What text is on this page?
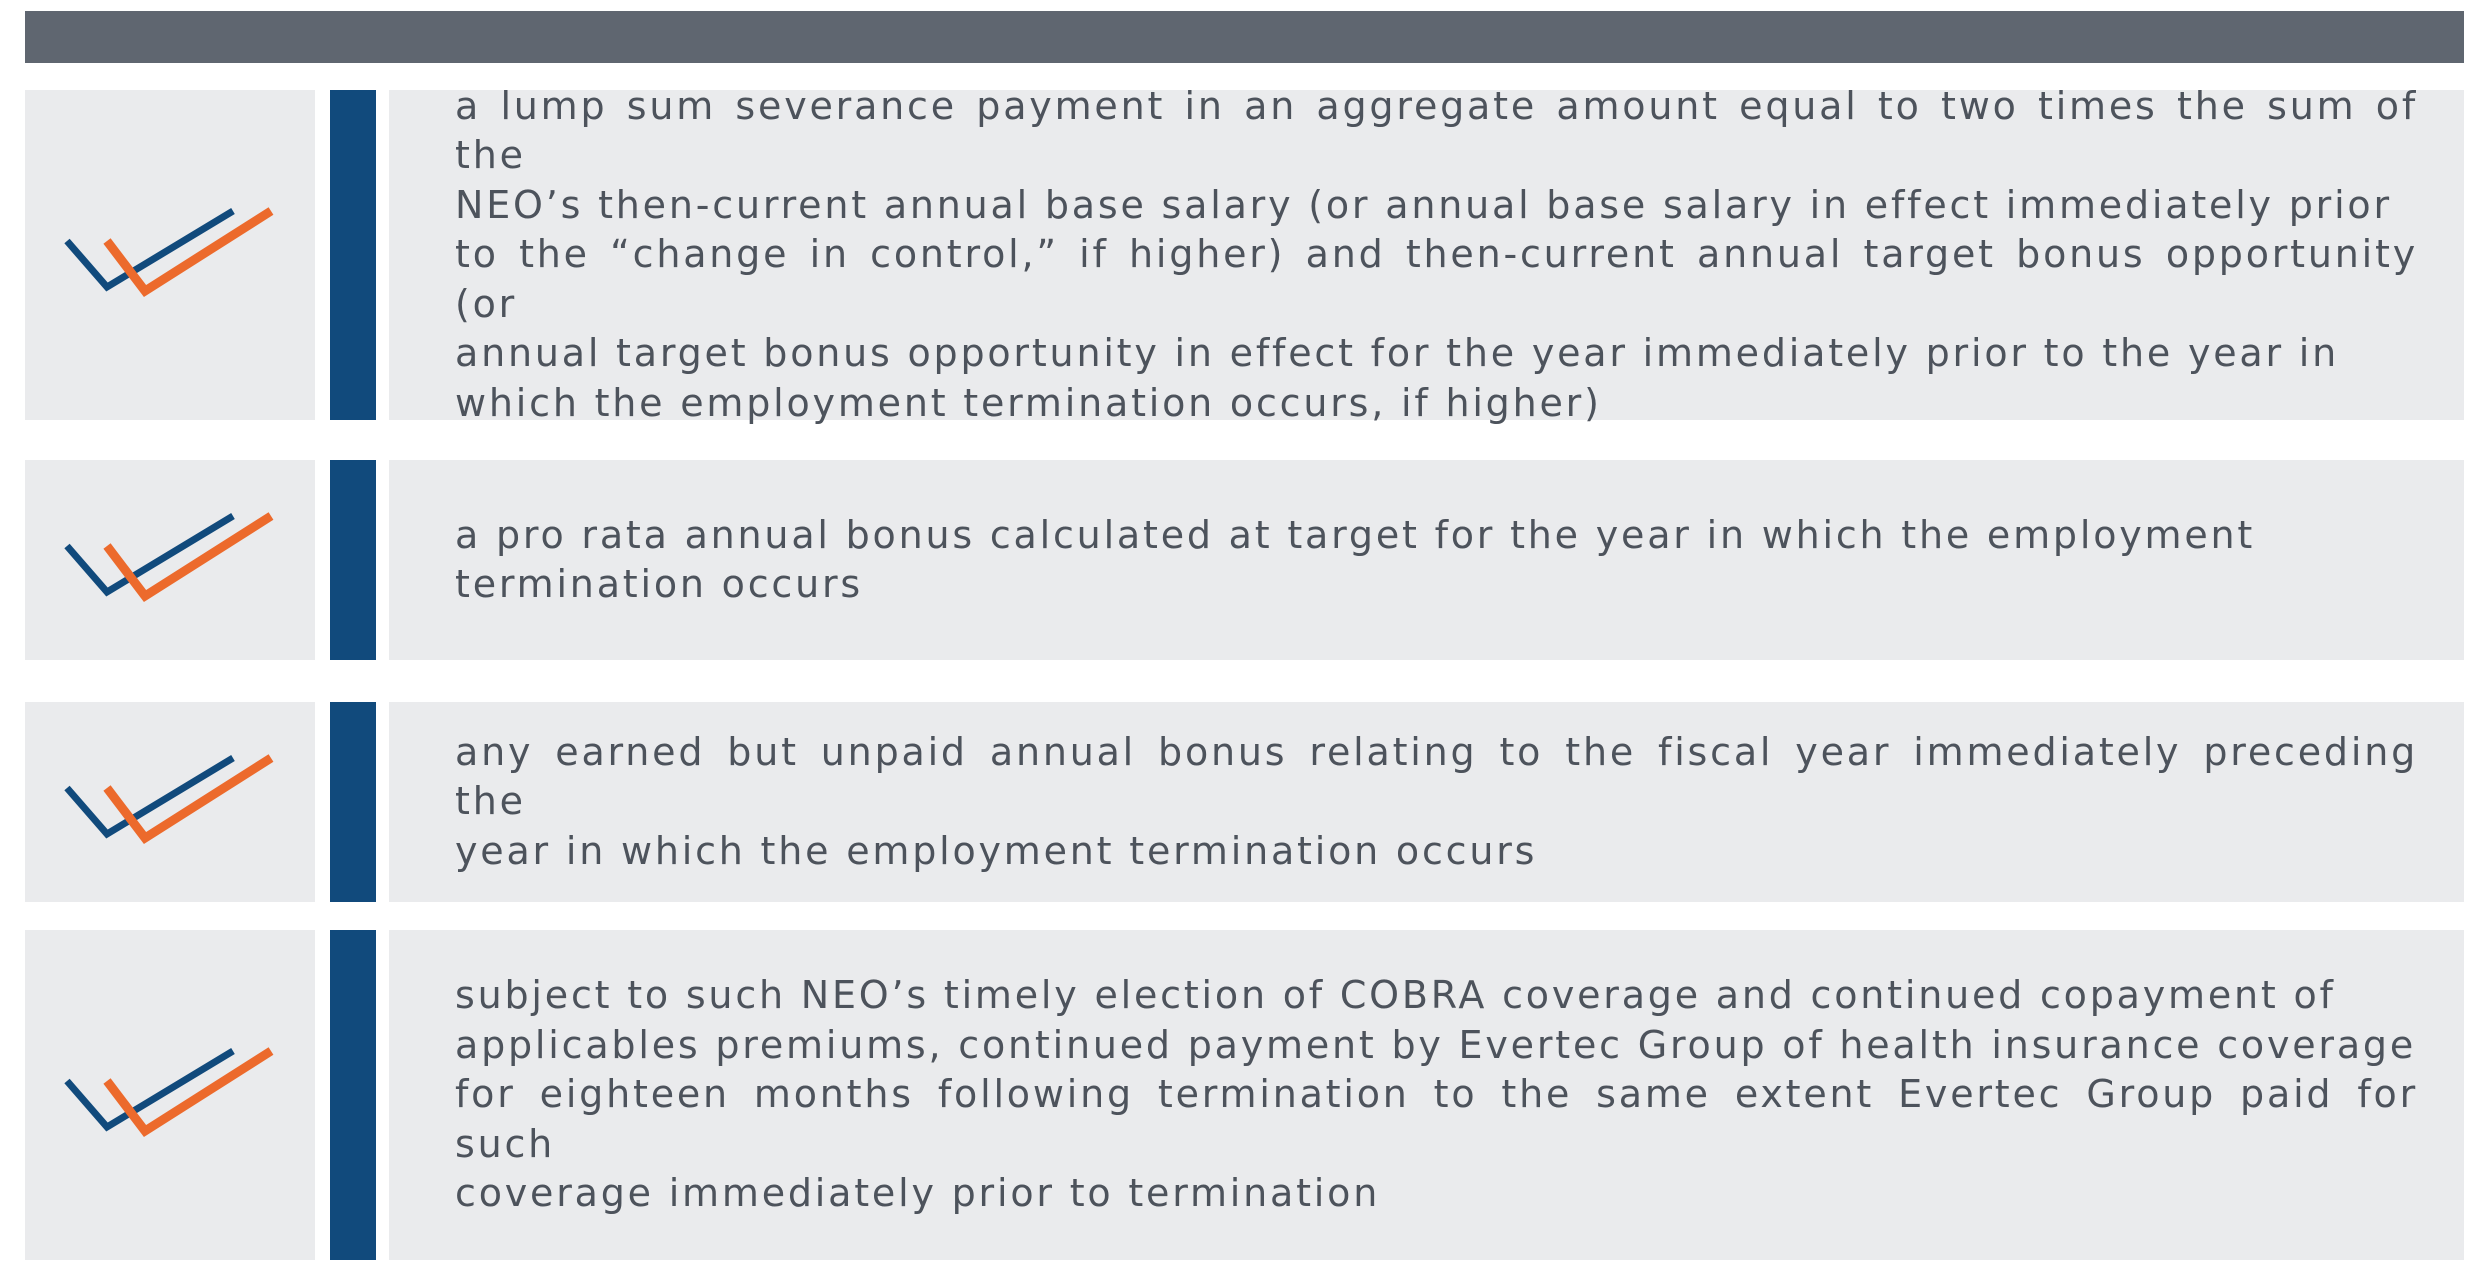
a lump sum severance payment in an aggregate amount equal to two times the sum of the
NEO’s then-current annual base salary (or annual base salary in effect immediately prior
to the “change in control,” if higher) and then-current annual target bonus opportunity (or
annual target bonus opportunity in effect for the year immediately prior to the year in
which the employment termination occurs, if higher)

a pro rata annual bonus calculated at target for the year in which the employment
termination occurs

any earned but unpaid annual bonus relating to the fiscal year immediately preceding the
year in which the employment termination occurs

subject to such NEO’s timely election of COBRA coverage and continued copayment of
applicables premiums, continued payment by Evertec Group of health insurance coverage
for eighteen months following termination to the same extent Evertec Group paid for such
coverage immediately prior to termination
